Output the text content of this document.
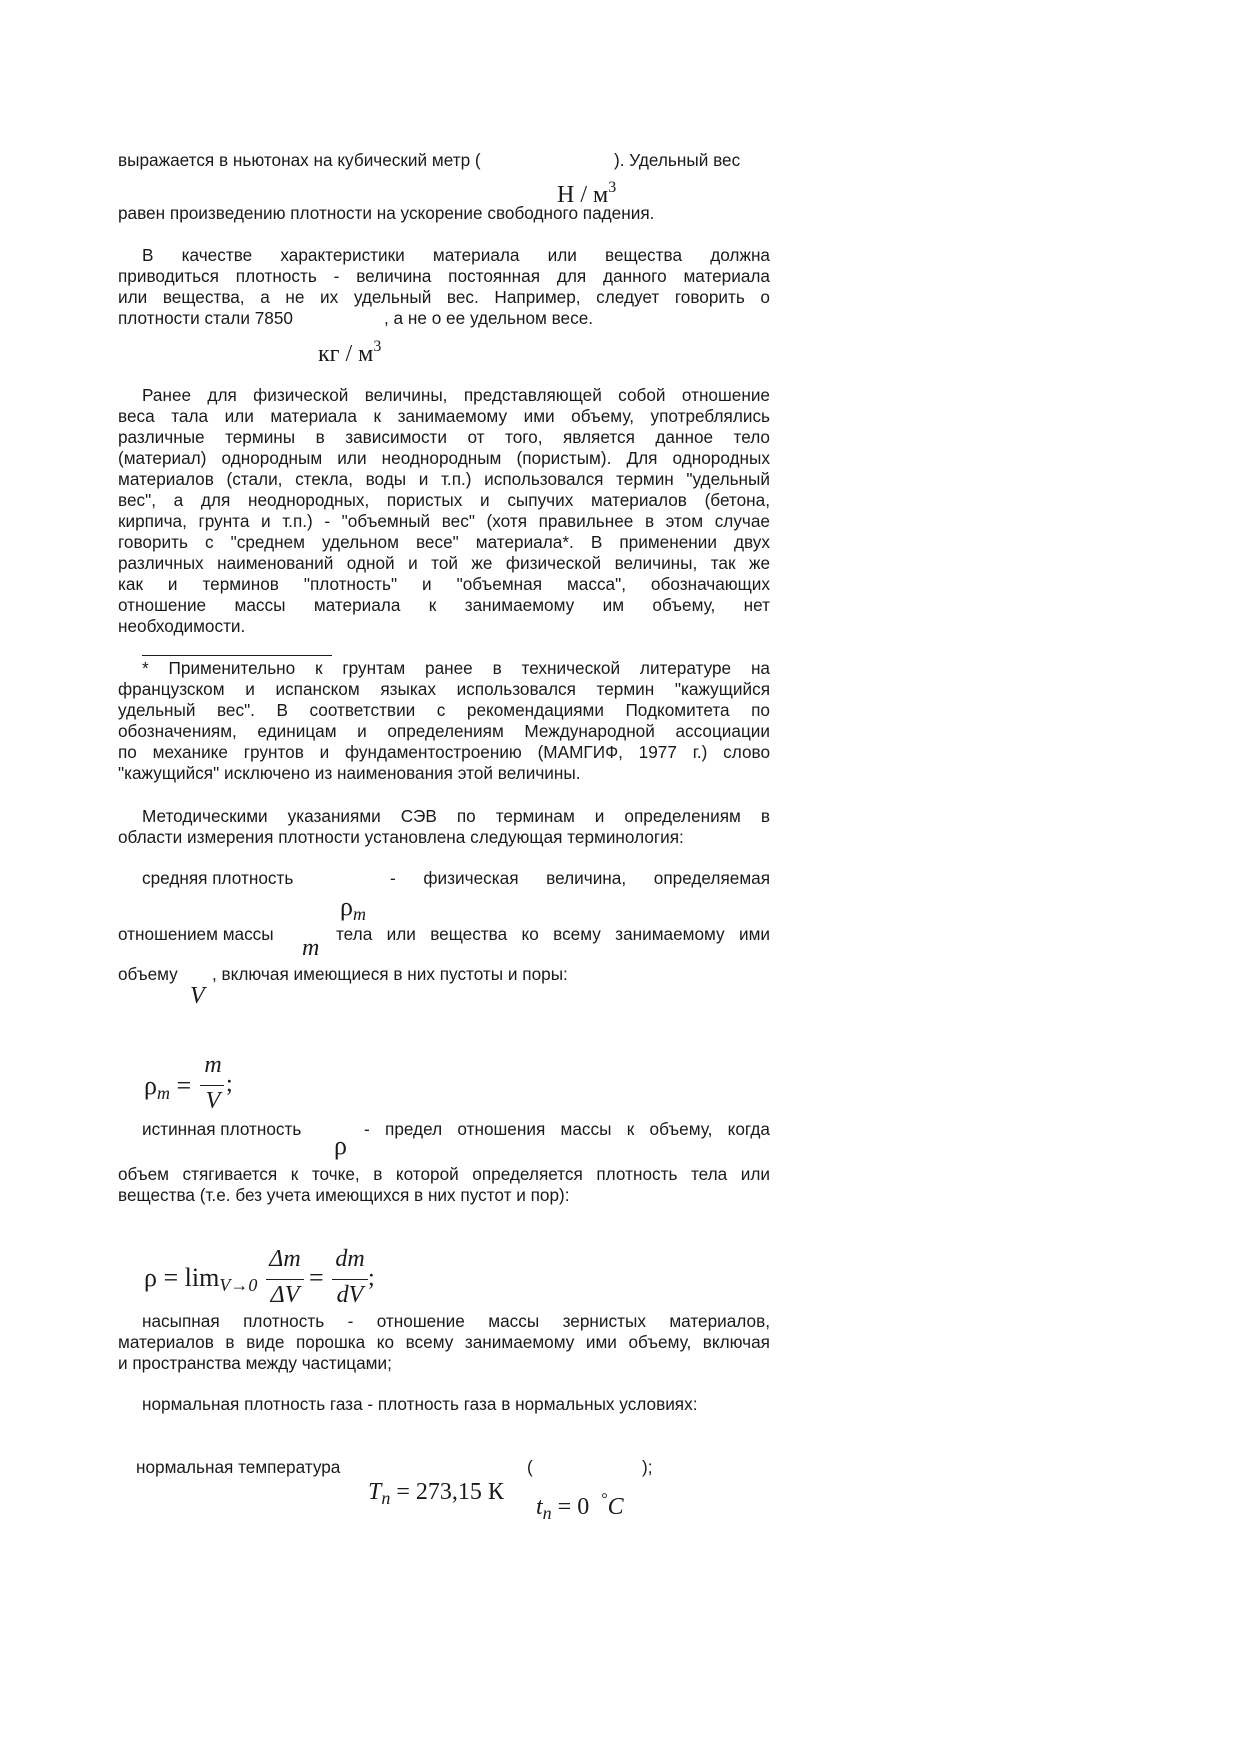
выражается в ньютонах на кубический метр (	). Удельный вес
Н / $м^3$
равен произведению плотности на ускорение свободного падения.
В качестве характеристики материала или вещества должна
приводиться плотность - величина постоянная для данного материала
или вещества, а не их удельный вес. Например, следует говорить о
плотности стали 7850	, а не о ее удельном весе.
кг / $м^3$
Ранее для физической величины, представляющей собой отношение
веса тала или материала к занимаемому ими объему, употреблялись
различные термины в зависимости от того, является данное тело
(материал) однородным или неоднородным (пористым). Для однородных
материалов (стали, стекла, воды и т.п.) использовался термин "удельный
вес", а для неоднородных, пористых и сыпучих материалов (бетона,
кирпича, грунта и т.п.) - "объемный вес" (хотя правильнее в этом случае
говорить с "среднем удельном весе" материала*. В применении двух
различных наименований одной и той же физической величины, так же
как и терминов "плотность" и "объемная масса", обозначающих
отношение массы материала к занимаемому им объему, нет
необходимости.
* Применительно к грунтам ранее в технической литературе на
французском и испанском языках использовался термин "кажущийся
удельный вес". В соответствии с рекомендациями Подкомитета по
обозначениям, единицам и определениям Международной ассоциации
по механике грунтов и фундаментостроению (МАМГИФ, 1977 г.) слово
"кажущийся" исключено из наименования этой величины.
Методическими указаниями СЭВ по терминам и определениям в
области измерения плотности установлена следующая терминология:
средняя плотность	- физическая величина, определяемая
$\rho_m$
отношением массы	тела или вещества ко всему занимаемому ими
m
объему , включая имеющиеся в них пустоты и поры:
V
$\rho_m$ =
m
V
;
истинная плотность	- предел отношения массы к объему, когда
ρ
объем стягивается к точке, в которой определяется плотность тела или
вещества (т.е. без учета имеющихся в них пустот и пор):
$\rho = \lim_{V\to 0}$
Δm
ΔV
=
dm
dV
;
насыпная плотность - отношение массы зернистых материалов,
материалов в виде порошка ко всему занимаемому ими объему, включая
и пространства между частицами;
нормальная плотность газа - плотность газа в нормальных условиях:
нормальная температура	(	);
$T_n = 273,15$ К
$t_n = 0$ °C
